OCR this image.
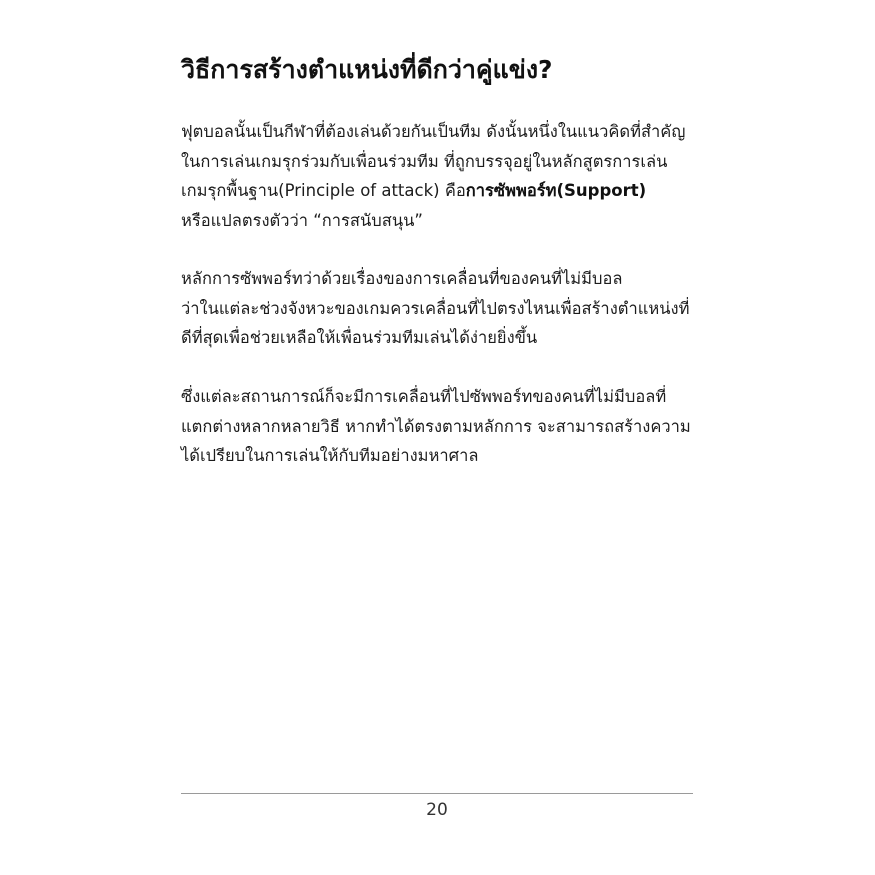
วิธีการสร้างตำแหน่งที่ดีกว่าคู่แข่ง?
ฟุตบอลนั้นเป็นกีฬาที่ต้องเล่นด้วยกันเป็นทีม ดังนั้นหนึ่งในแนวคิดที่สำคัญ
ในการเล่นเกมรุกร่วมกับเพื่อนร่วมทีม ที่ถูกบรรจุอยู่ในหลักสูตรการเล่น
เกมรุกพื้นฐาน(Principle of attack) คือการซัพพอร์ท(Support)
หรือแปลตรงตัวว่า “การสนับสนุน”
หลักการซัพพอร์ทว่าด้วยเรื่องของการเคลื่อนที่ของคนที่ไม่มีบอล
ว่าในแต่ละช่วงจังหวะของเกมควรเคลื่อนที่ไปตรงไหนเพื่อสร้างตำแหน่งที่
ดีที่สุดเพื่อช่วยเหลือให้เพื่อนร่วมทีมเล่นได้ง่ายยิ่งขึ้น
ซึ่งแต่ละสถานการณ์ก็จะมีการเคลื่อนที่ไปซัพพอร์ทของคนที่ไม่มีบอลที่
แตกต่างหลากหลายวิธี หากทำได้ตรงตามหลักการ จะสามารถสร้างความ
ได้เปรียบในการเล่นให้กับทีมอย่างมหาศาล
20
